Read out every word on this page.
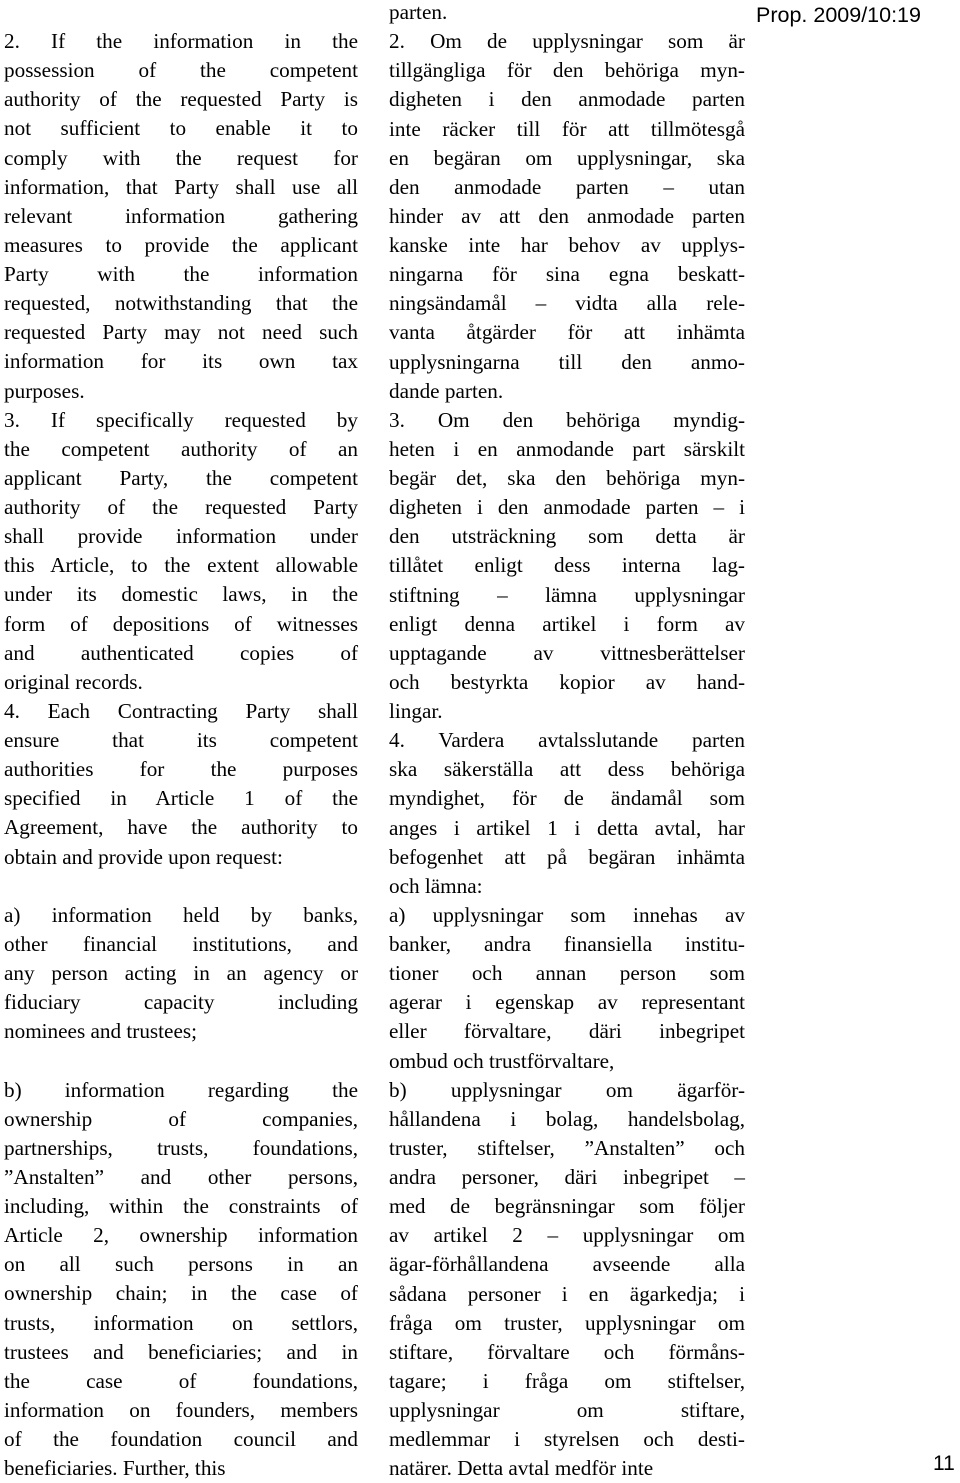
Prop. 2009/10:19
2. If the information in the
possession of the competent
authority of the requested Party is
not sufficient to enable it to
comply with the request for
information, that Party shall use all
relevant information gathering
measures to provide the applicant
Party with the information
requested, notwithstanding that the
requested Party may not need such
information for its own tax
purposes.
3. If specifically requested by
the competent authority of an
applicant Party, the competent
authority of the requested Party
shall provide information under
this Article, to the extent allowable
under its domestic laws, in the
form of depositions of witnesses
and authenticated copies of
original records.
4. Each Contracting Party shall
ensure that its competent
authorities for the purposes
specified in Article 1 of the
Agreement, have the authority to
obtain and provide upon request:
a) information held by banks,
other financial institutions, and
any person acting in an agency or
fiduciary capacity including
nominees and trustees;
b) information regarding the
ownership of companies,
partnerships, trusts, foundations,
”Anstalten” and other persons,
including, within the constraints of
Article 2, ownership information
on all such persons in an
ownership chain; in the case of
trusts, information on settlors,
trustees and beneficiaries; and in
the case of foundations,
information on founders, members
of the foundation council and
beneficiaries. Further, this
parten.
2. Om de upplysningar som är
tillgängliga för den behöriga myn-
digheten i den anmodade parten
inte räcker till för att tillmötesgå
en begäran om upplysningar, ska
den anmodade parten – utan
hinder av att den anmodade parten
kanske inte har behov av upplys-
ningarna för sina egna beskatt-
ningsändamål – vidta alla rele-
vanta åtgärder för att inhämta
upplysningarna till den anmo-
dande parten.
3. Om den behöriga myndig-
heten i en anmodande part särskilt
begär det, ska den behöriga myn-
digheten i den anmodade parten – i
den utsträckning som detta är
tillåtet enligt dess interna lag-
stiftning – lämna upplysningar
enligt denna artikel i form av
upptagande av vittnesberättelser
och bestyrkta kopior av hand-
lingar.
4. Vardera avtalsslutande parten
ska säkerställa att dess behöriga
myndighet, för de ändamål som
anges i artikel 1 i detta avtal, har
befogenhet att på begäran inhämta
och lämna:
a) upplysningar som innehas av
banker, andra finansiella institu-
tioner och annan person som
agerar i egenskap av representant
eller förvaltare, däri inbegripet
ombud och trustförvaltare,
b) upplysningar om ägarför-
hållandena i bolag, handelsbolag,
truster, stiftelser, ”Anstalten” och
andra personer, däri inbegripet –
med de begränsningar som följer
av artikel 2 – upplysningar om
ägar-förhållandena avseende alla
sådana personer i en ägarkedja; i
fråga om truster, upplysningar om
stiftare, förvaltare och förmåns-
tagare; i fråga om stiftelser,
upplysningar om stiftare,
medlemmar i styrelsen och desti-
natärer. Detta avtal medför inte	11
